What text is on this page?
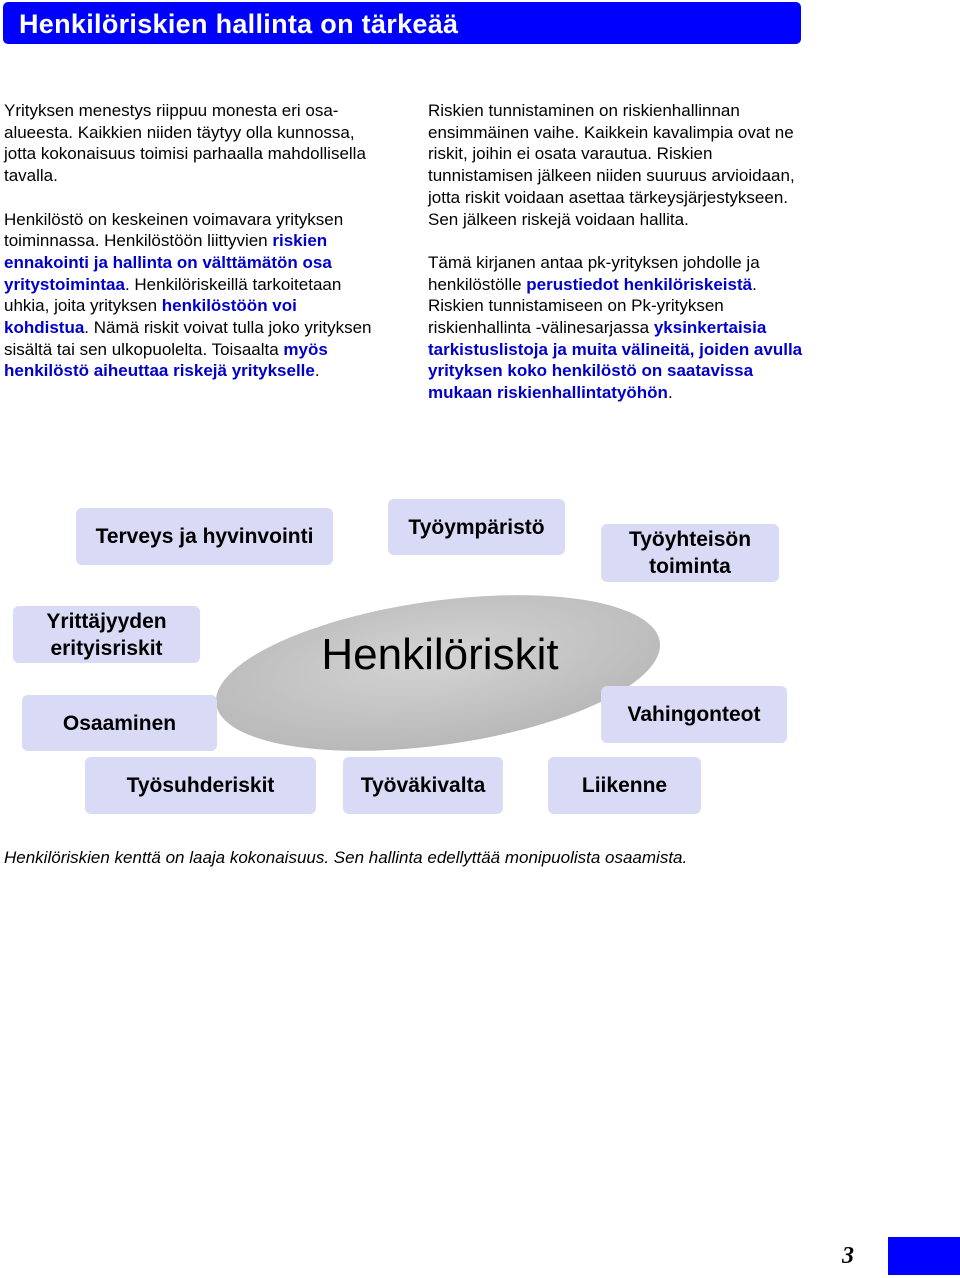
Henkilöriskien hallinta on tärkeää

Yrityksen menestys riippuu monesta eri osa-alueesta. Kaikkien niiden täytyy olla kunnossa, jotta kokonaisuus toimisi parhaalla mahdollisella tavalla.

Henkilöstö on keskeinen voimavara yrityksen toiminnassa. Henkilöstöön liittyvien riskien ennakointi ja hallinta on välttämätön osa yritystoimintaa. Henkilöriskeillä tarkoitetaan uhkia, joita yrityksen henkilöstöön voi kohdistua. Nämä riskit voivat tulla joko yrityksen sisältä tai sen ulkopuolelta. Toisaalta myös henkilöstö aiheuttaa riskejä yritykselle.

Riskien tunnistaminen on riskienhallinnan ensimmäinen vaihe. Kaikkein kavalimpia ovat ne riskit, joihin ei osata varautua. Riskien tunnistamisen jälkeen niiden suuruus arvioidaan, jotta riskit voidaan asettaa tärkeysjärjestykseen. Sen jälkeen riskejä voidaan hallita.

Tämä kirjanen antaa pk-yrityksen johdolle ja henkilöstölle perustiedot henkilöriskeistä. Riskien tunnistamiseen on Pk-yrityksen riskienhallinta -välinesarjassa yksinkertaisia tarkistuslistoja ja muita välineitä, joiden avulla yrityksen koko henkilöstö on saatavissa mukaan riskienhallintatyöhön.

Henkilöriskit
Terveys ja hyvinvointi	Työympäristö
Työyhteisön toiminta
Yrittäjyyden erityisriskit
Osaaminen	Vahingonteot
Työsuhderiskit	Työväkivalta	Liikenne
Henkilöriskien kenttä on laaja kokonaisuus. Sen hallinta edellyttää monipuolista osaamista.
3
